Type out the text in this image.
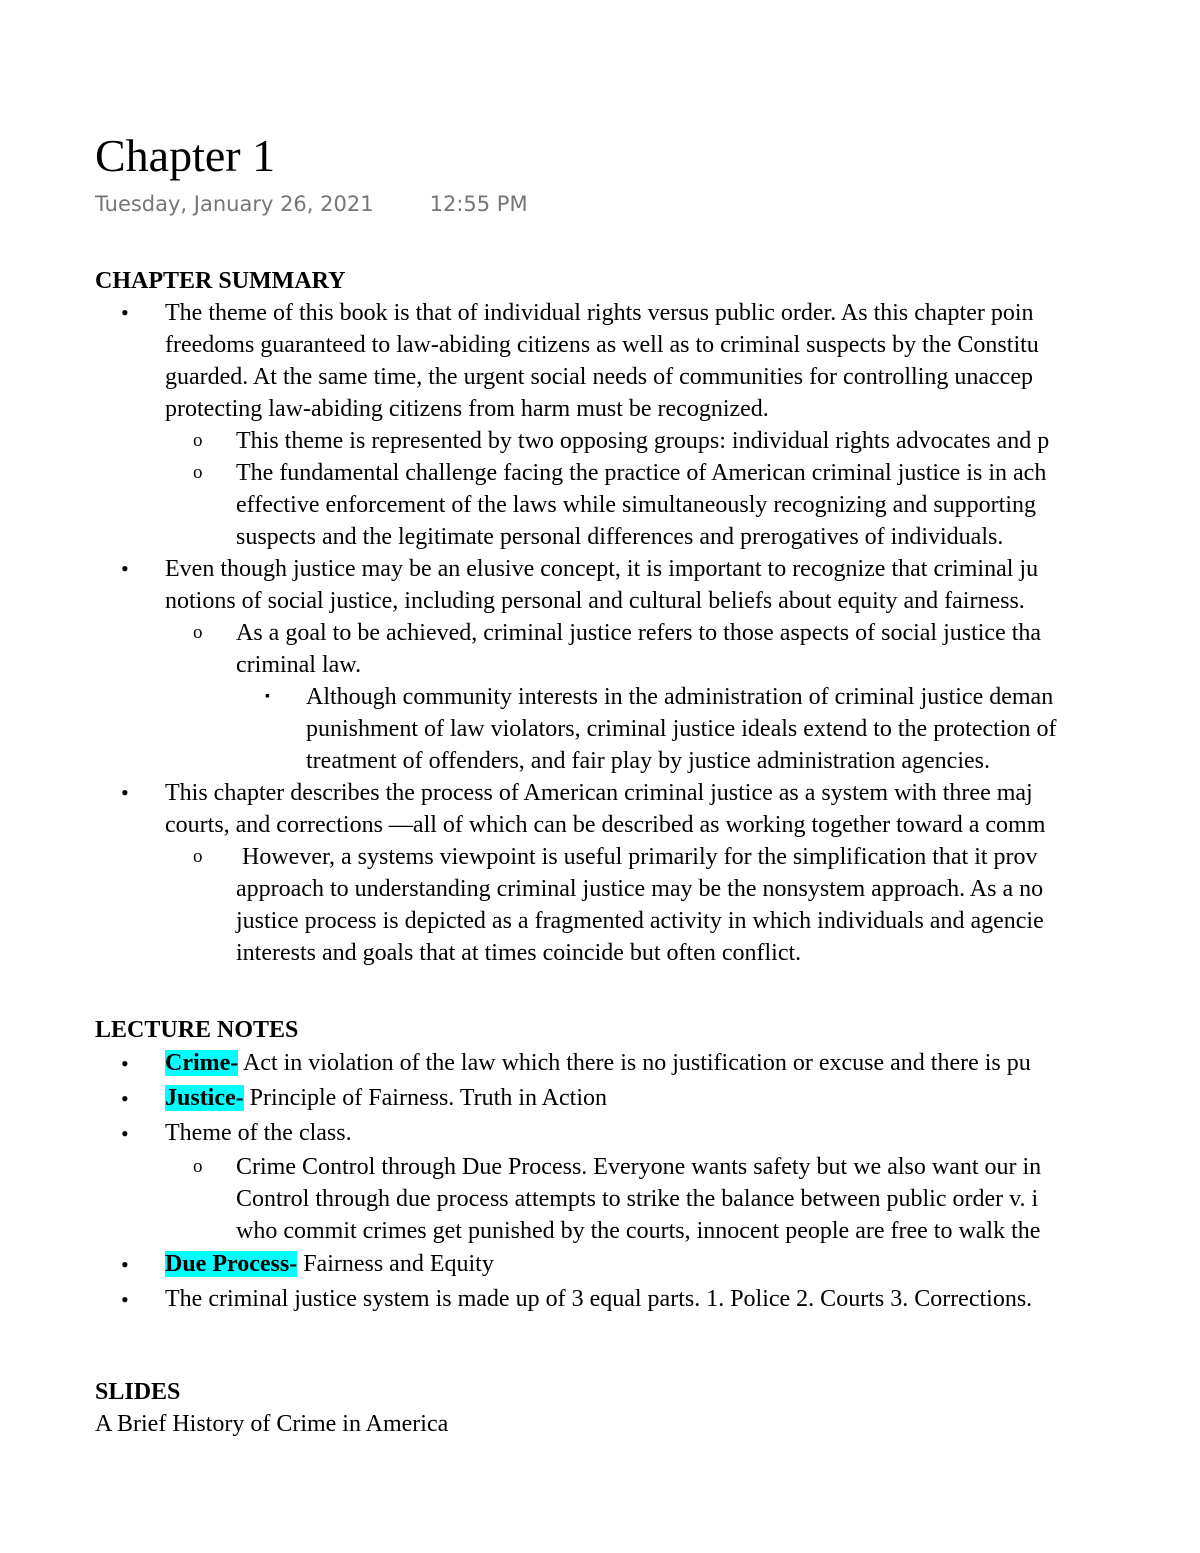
Chapter 1
Tuesday, January 26, 2021	12:55 PM
CHAPTER SUMMARY
• The theme of this book is that of individual rights versus public order. As this chapter poin
freedoms guaranteed to law-abiding citizens as well as to criminal suspects by the Constitu
guarded. At the same time, the urgent social needs of communities for controlling unaccep
protecting law-abiding citizens from harm must be recognized.
o This theme is represented by two opposing groups: individual rights advocates and p
o The fundamental challenge facing the practice of American criminal justice is in ach
effective enforcement of the laws while simultaneously recognizing and supporting
suspects and the legitimate personal differences and prerogatives of individuals.
• Even though justice may be an elusive concept, it is important to recognize that criminal ju
notions of social justice, including personal and cultural beliefs about equity and fairness.
o As a goal to be achieved, criminal justice refers to those aspects of social justice tha
criminal law.
▪ Although community interests in the administration of criminal justice deman
punishment of law violators, criminal justice ideals extend to the protection of
treatment of offenders, and fair play by justice administration agencies.
• This chapter describes the process of American criminal justice as a system with three maj
courts, and corrections —all of which can be described as working together toward a comm
o However, a systems viewpoint is useful primarily for the simplification that it prov
approach to understanding criminal justice may be the nonsystem approach. As a no
justice process is depicted as a fragmented activity in which individuals and agencie
interests and goals that at times coincide but often conflict.
LECTURE NOTES
• Crime- Act in violation of the law which there is no justification or excuse and there is pu
• Justice- Principle of Fairness. Truth in Action
• Theme of the class.
o Crime Control through Due Process. Everyone wants safety but we also want our in
Control through due process attempts to strike the balance between public order v. i
who commit crimes get punished by the courts, innocent people are free to walk the
• Due Process- Fairness and Equity
• The criminal justice system is made up of 3 equal parts. 1. Police 2. Courts 3. Corrections.
SLIDES
A Brief History of Crime in America
